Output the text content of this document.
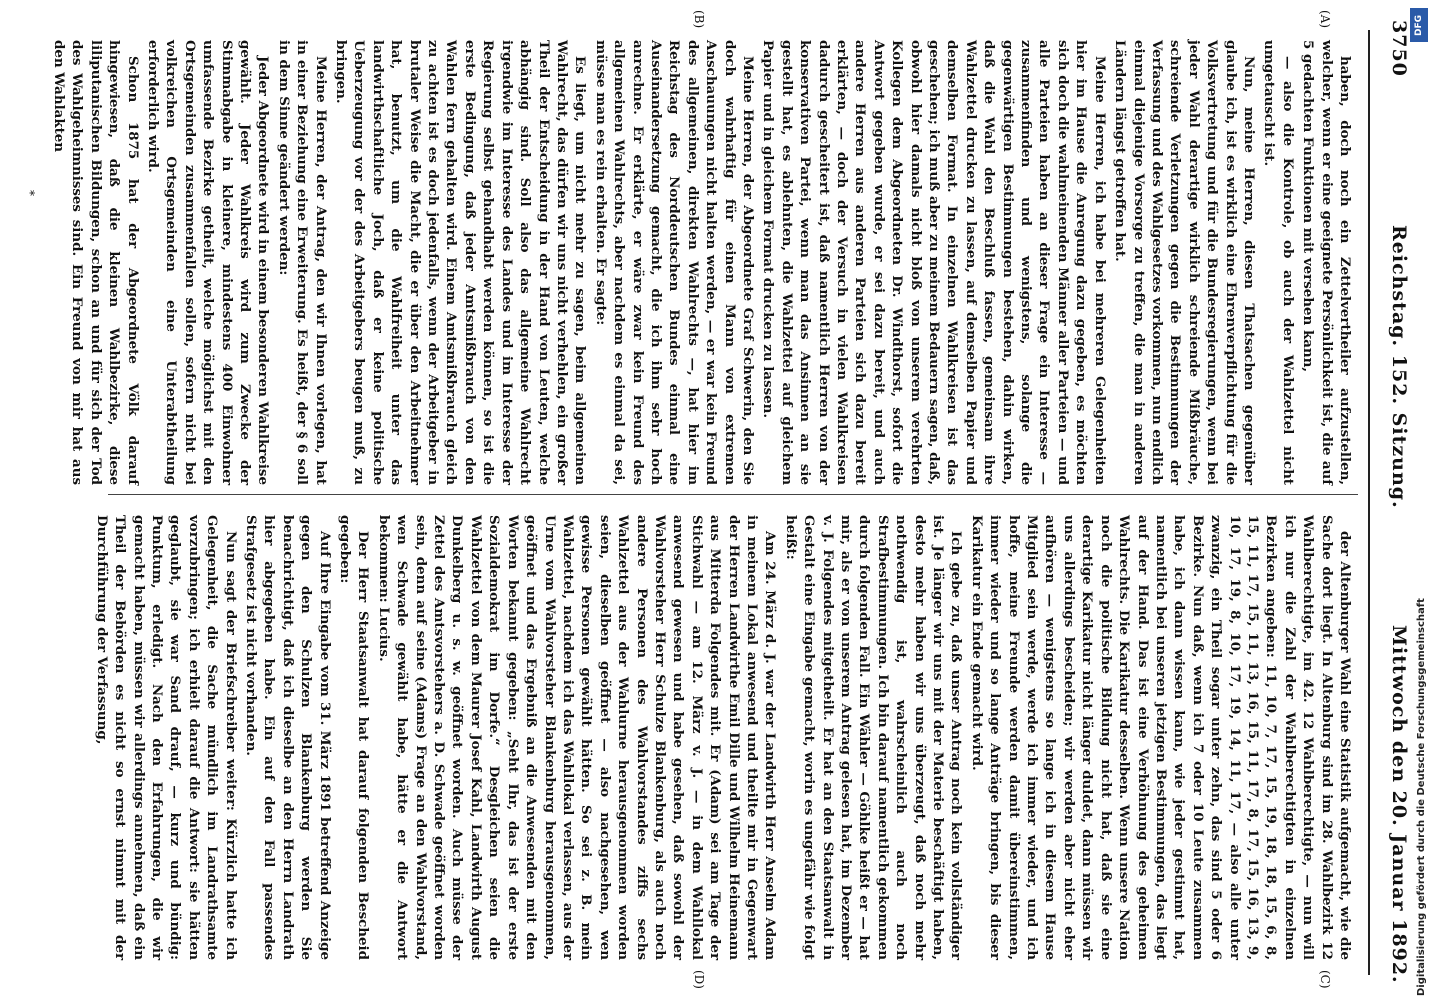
3750
Reichstag. 152. Sitzung.
Mittwoch den 20. Januar 1892.
(A)
(B)
(C)
(D)

haben, doch noch ein Zettelvertheiler aufzustellen, welcher, wenn er eine geeignete Persönlichkeit ist, die auf 5 gedachten Funktionen mit versehen kann,

— also die Kontrole, ob auch der Wahlzettel nicht umgetauscht ist.

Nun, meine Herren, diesen Thatsachen gegenüber glaube ich, ist es wirklich eine Ehrenverpflichtung für die Volksvertretung und für die Bundesregierungen, wenn bei jeder Wahl derartige wirklich schreiende Mißbräuche, schreiende Verletzungen gegen die Bestimmungen der Verfassung und des Wahlgesetzes vorkommen, nun endlich einmal diejenige Vorsorge zu treffen, die man in anderen Ländern längst getroffen hat.

Meine Herren, ich habe bei mehreren Gelegenheiten hier im Hause die Anregung dazu gegeben, es möchten sich doch die wahlmeinenden Männer aller Parteien — und alle Parteien haben an dieser Frage ein Interesse — zusammenfinden und wenigstens, solange die gegenwärtigen Bestimmungen bestehen, dahin wirken, daß die Wahl den Beschluß fassen, gemeinsam ihre Wahlzettel drucken zu lassen, auf demselben Papier und demselben Format. In einzelnen Wahlkreisen ist das geschehen; ich muß aber zu meinem Bedauern sagen, daß, obwohl hier damals nicht bloß von unserem verehrten Kollegen dem Abgeordneten Dr. Windthorst, sofort die Antwort gegeben wurde, er sei dazu bereit, und auch andere Herren aus anderen Parteien sich dazu bereit erklärten, — doch der Versuch in vielen Wahlkreisen dadurch gescheitert ist, daß namentlich Herren von der konservativen Partei, wenn man das Ansinnen an sie gestellt hat, es ablehnten, die Wahlzettel auf gleichem Papier und in gleichem Format drucken zu lassen.

Meine Herren, der Abgeordnete Graf Schwerin, den Sie doch wahrhaftig für einen Mann von extremen Anschauungen nicht halten werden, — er war kein Freund des allgemeinen, direkten Wahlrechts —, hat hier im Reichstag des Norddeutschen Bundes einmal eine Auseinandersetzung gemacht, die ich ihm sehr hoch anrechne. Er erklärte, er wäre zwar kein Freund des allgemeinen Wahlrechts, aber nachdem es einmal da sei, müsse man es rein erhalten. Er sagte:

Es liegt, um nicht mehr zu sagen, beim allgemeinen Wahlrecht, das dürfen wir uns nicht verhehlen, ein großer Theil der Entscheidung in der Hand von Leuten, welche abhängig sind. Soll also das allgemeine Wahlrecht irgendwie im Interesse des Landes und im Interesse der Regierung selbst gehandhabt werden können, so ist die erste Bedingung, daß jeder Amtsmißbrauch von den Wahlen fern gehalten wird. Einem Amtsmißbrauch gleich zu achten ist es doch jedenfalls, wenn der Arbeitgeber in brutaler Weise die Macht, die er über den Arbeitnehmer hat, benutzt, um die Wahlfreiheit unter das landwirthschaftliche Joch, daß er keine politische Ueberzeugung vor der des Arbeitgebers beugen muß, zu bringen.

Meine Herren, der Antrag, den wir Ihnen vorlegen, hat in einer Beziehung eine Erweiterung. Es heißt, der § 6 soll in dem Sinne geändert werden:

Jeder Abgeordnete wird in einem besonderen Wahlkreise gewählt. Jeder Wahlkreis wird zum Zwecke der Stimmabgabe in kleinere, mindestens 400 Einwohner umfassende Bezirke getheilt, welche möglichst mit den Ortsgemeinden zusammenfallen sollen, sofern nicht bei volkreichen Ortsgemeinden eine Unterabtheilung erforderlich wird.

Schon 1875 hat der Abgeordnete Völk darauf hingewiesen, daß die kleinen Wahlbezirke, diese liliputanischen Bildungen, schon an und für sich der Tod des Wahlgeheimnisses sind. Ein Freund von mir hat aus den Wahlakten

der Altenburger Wahl eine Statistik aufgemacht, wie die Sache dort liegt. In Altenburg sind im 28. Wahlbezirk 12 Wahlberechtigte, im 42. 12 Wahlberechtigte, — nun will ich nur die Zahl der Wahlberechtigten in einzelnen Bezirken angeben: 11, 10, 7, 17, 15, 19, 18, 18, 15, 6, 8, 15, 11, 17, 15, 11, 13, 16, 15, 11, 17, 8, 17, 15, 16, 13, 9, 10, 17, 19, 8, 10, 17, 19, 14, 11, 17, — also alle unter zwanzig, ein Theil sogar unter zehn, das sind 5 oder 6 Bezirke. Nun daß, wenn ich 7 oder 10 Leute zusammen habe, ich dann wissen kann, wie jeder gestimmt hat, namentlich bei unseren jetzigen Bestimmungen, das liegt auf der Hand. Das ist eine Verhöhnung des geheimen Wahlrechts. Die Karikatur desselben. Wenn unsere Nation noch die politische Bildung nicht hat, daß sie eine derartige Karikatur nicht länger duldet, dann müssen wir uns allerdings bescheiden; wir werden aber nicht eher aufhören — wenigstens so lange ich in diesem Hause Mitglied sein werde, werde ich immer wieder, und ich hoffe, meine Freunde werden damit übereinstimmen, immer wieder und so lange Anträge bringen, bis dieser Karikatur ein Ende gemacht wird.

Ich gebe zu, daß unser Antrag noch kein vollständiger ist. Je länger wir uns mit der Materie beschäftigt haben, desto mehr haben wir uns überzeugt, daß noch mehr nothwendig ist, wahrscheinlich auch noch Strafbestimmungen. Ich bin darauf namentlich gekommen durch folgenden Fall. Ein Wähler — Göhlke heißt er — hat mir, als er von unserem Antrag gelesen hat, im Dezember v. J. Folgendes mitgetheilt. Er hat an den Staatsanwalt in Gestalt eine Eingabe gemacht, worin es ungefähr wie folgt heißt:

Am 24. März d. J. war der Landwirth Herr Anselm Adam in meinem Lokal anwesend und theilte mir in Gegenwart der Herren Landwirthe Emil Dille und Wilhelm Heinemann aus Mitterda Folgendes mit. Er (Adam) sei am Tage der Stichwahl — am 12. März v. J. — in dem Wahllokal anwesend gewesen und habe gesehen, daß sowohl der Wahlvorsteher Herr Schulze Blankenburg, als auch noch andere Personen des Wahlvorstandes ziffs sechs Wahlzettel aus der Wahlurne herausgenommen worden seien, dieselben geöffnet — also nachgesehen, wen gewisse Personen gewählt hätten. So sei z. B. mein Wahlzettel, nachdem ich das Wahllokal verlassen, aus der Urne vom Wahlvorsteher Blankenburg herausgenommen, geöffnet und das Ergebniß an die Anwesenden mit den Worten bekannt gegeben: „Seht Ihr, das ist der erste Sozialdemokrat im Dorfe.“ Desgleichen seien die Wahlzettel von dem Maurer Josef Kahl, Landwirth August Dunkelberg u. s. w. geöffnet worden. Auch müsse der Zettel des Amtsvorstehers a. D. Schwade geöffnet worden sein, denn auf seine (Adams) Frage an den Wahlvorstand, wen Schwade gewählt habe, hätte er die Antwort bekommen: Lucius.

Der Herr Staatsanwalt hat darauf folgenden Bescheid gegeben:

Auf Ihre Eingabe vom 31. März 1891 betreffend Anzeige gegen den Schulzen Blankenburg werden Sie benachrichtigt, daß ich dieselbe an den Herrn Landrath hier abgegeben habe. Ein auf den Fall passendes Strafgesetz ist nicht vorhanden.

Nun sagt der Briefschreiber weiter: Kürzlich hatte ich Gelegenheit, die Sache mündlich im Landrathsamte vorzubringen; ich erhielt darauf die Antwort: sie hätten geglaubt, sie war Sand drauf, — kurz und bündig: Punktum, erledigt. Nach den Erfahrungen, die wir gemacht haben, müssen wir allerdings annehmen, daß ein Theil der Behörden es nicht so ernst nimmt mit der Durchführung der Verfassung,

*
Digitalisierung gefördert durch die Deutsche Forschungsgemeinschaft
DFG
